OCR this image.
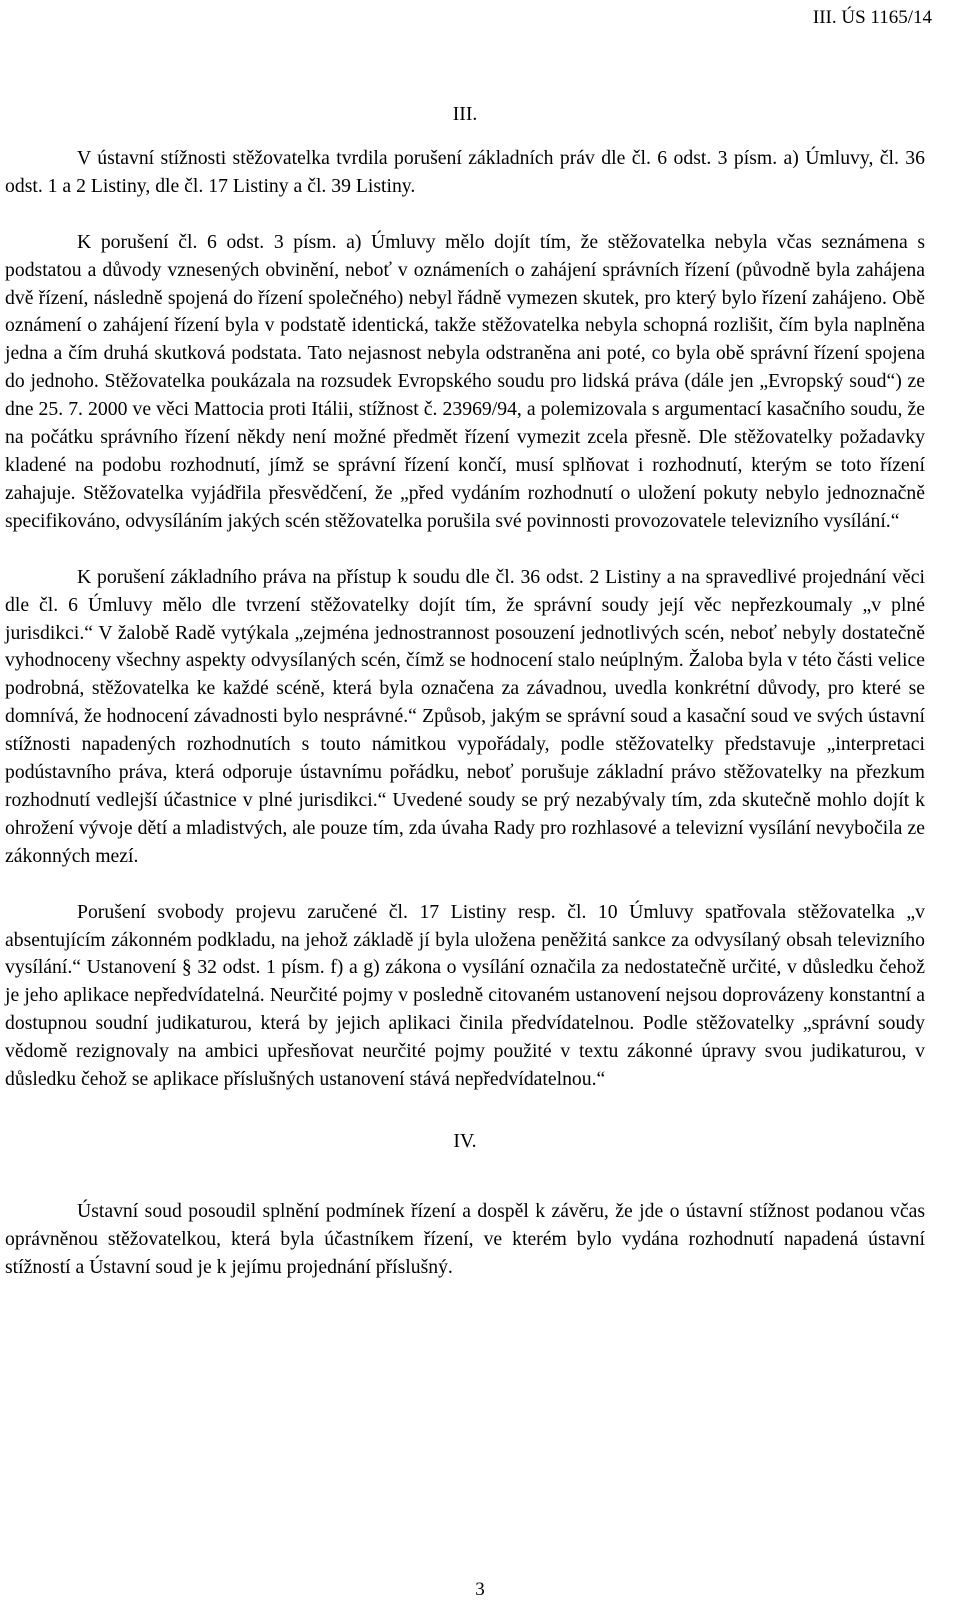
III. ÚS 1165/14
III.

V ústavní stížnosti stěžovatelka tvrdila porušení základních práv dle čl. 6 odst. 3 písm. a) Úmluvy, čl. 36 odst. 1 a 2 Listiny, dle čl. 17 Listiny a čl. 39 Listiny.

K porušení čl. 6 odst. 3 písm. a) Úmluvy mělo dojít tím, že stěžovatelka nebyla včas seznámena s podstatou a důvody vznesených obvinění, neboť v oznámeních o zahájení správních řízení (původně byla zahájena dvě řízení, následně spojená do řízení společného) nebyl řádně vymezen skutek, pro který bylo řízení zahájeno. Obě oznámení o zahájení řízení byla v podstatě identická, takže stěžovatelka nebyla schopná rozlišit, čím byla naplněna jedna a čím druhá skutková podstata. Tato nejasnost nebyla odstraněna ani poté, co byla obě správní řízení spojena do jednoho. Stěžovatelka poukázala na rozsudek Evropského soudu pro lidská práva (dále jen „Evropský soud“) ze dne 25. 7. 2000 ve věci Mattocia proti Itálii, stížnost č. 23969/94, a polemizovala s argumentací kasačního soudu, že na počátku správního řízení někdy není možné předmět řízení vymezit zcela přesně. Dle stěžovatelky požadavky kladené na podobu rozhodnutí, jímž se správní řízení končí, musí splňovat i rozhodnutí, kterým se toto řízení zahajuje. Stěžovatelka vyjádřila přesvědčení, že „před vydáním rozhodnutí o uložení pokuty nebylo jednoznačně specifikováno, odvysíláním jakých scén stěžovatelka porušila své povinnosti provozovatele televizního vysílání.“

K porušení základního práva na přístup k soudu dle čl. 36 odst. 2 Listiny a na spravedlivé projednání věci dle čl. 6 Úmluvy mělo dle tvrzení stěžovatelky dojít tím, že správní soudy její věc nepřezkoumaly „v plné jurisdikci.“ V žalobě Radě vytýkala „zejména jednostrannost posouzení jednotlivých scén, neboť nebyly dostatečně vyhodnoceny všechny aspekty odvysílaných scén, čímž se hodnocení stalo neúplným. Žaloba byla v této části velice podrobná, stěžovatelka ke každé scéně, která byla označena za závadnou, uvedla konkrétní důvody, pro které se domnívá, že hodnocení závadnosti bylo nesprávné.“ Způsob, jakým se správní soud a kasační soud ve svých ústavní stížnosti napadených rozhodnutích s touto námitkou vypořádaly, podle stěžovatelky představuje „interpretaci podústavního práva, která odporuje ústavnímu pořádku, neboť porušuje základní právo stěžovatelky na přezkum rozhodnutí vedlejší účastnice v plné jurisdikci.“ Uvedené soudy se prý nezabývaly tím, zda skutečně mohlo dojít k ohrožení vývoje dětí a mladistvých, ale pouze tím, zda úvaha Rady pro rozhlasové a televizní vysílání nevybočila ze zákonných mezí.

Porušení svobody projevu zaručené čl. 17 Listiny resp. čl. 10 Úmluvy spatřovala stěžovatelka „v absentujícím zákonném podkladu, na jehož základě jí byla uložena peněžitá sankce za odvysílaný obsah televizního vysílání.“ Ustanovení § 32 odst. 1 písm. f) a g) zákona o vysílání označila za nedostatečně určité, v důsledku čehož je jeho aplikace nepředvídatelná. Neurčité pojmy v posledně citovaném ustanovení nejsou doprovázeny konstantní a dostupnou soudní judikaturou, která by jejich aplikaci činila předvídatelnou. Podle stěžovatelky „správní soudy vědomě rezignovaly na ambici upřesňovat neurčité pojmy použité v textu zákonné úpravy svou judikaturou, v důsledku čehož se aplikace příslušných ustanovení stává nepředvídatelnou.“

IV.

Ústavní soud posoudil splnění podmínek řízení a dospěl k závěru, že jde o ústavní stížnost podanou včas oprávněnou stěžovatelkou, která byla účastníkem řízení, ve kterém bylo vydána rozhodnutí napadená ústavní stížností a Ústavní soud je k jejímu projednání příslušný.

3
